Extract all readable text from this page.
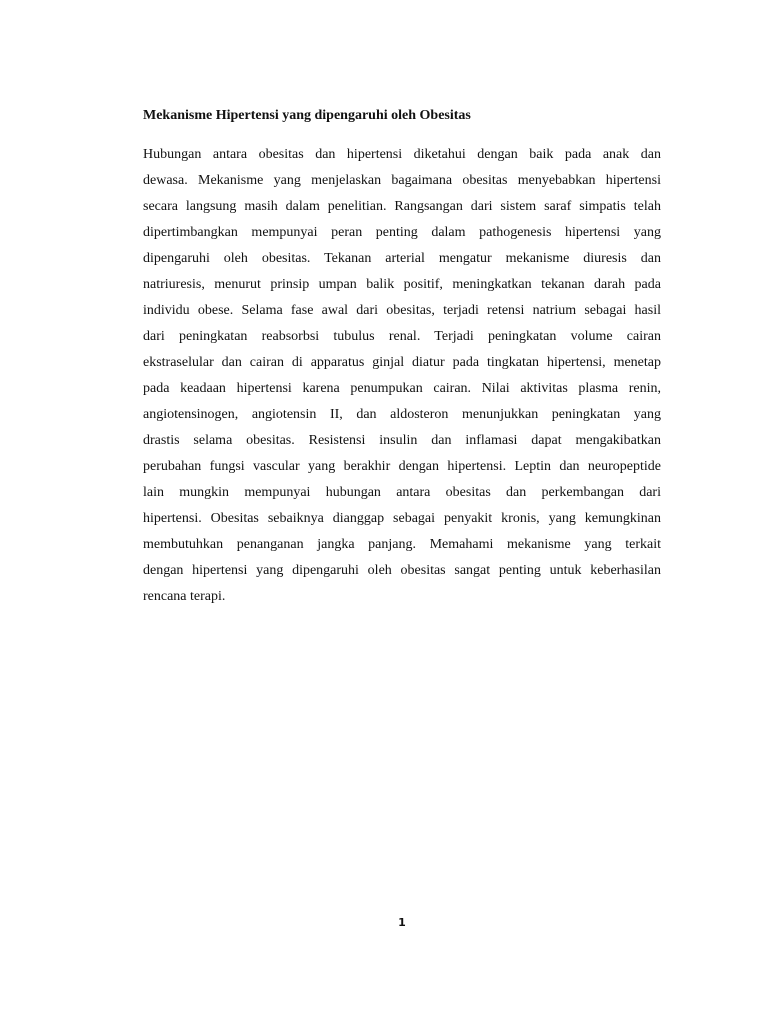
Mekanisme Hipertensi yang dipengaruhi oleh Obesitas
Hubungan antara obesitas dan hipertensi diketahui dengan baik pada anak dan
dewasa. Mekanisme yang menjelaskan bagaimana obesitas menyebabkan hipertensi
secara langsung masih dalam penelitian. Rangsangan dari sistem saraf simpatis telah
dipertimbangkan mempunyai peran penting dalam pathogenesis hipertensi yang
dipengaruhi oleh obesitas. Tekanan arterial mengatur mekanisme diuresis dan
natriuresis, menurut prinsip umpan balik positif, meningkatkan tekanan darah pada
individu obese. Selama fase awal dari obesitas, terjadi retensi natrium sebagai hasil
dari peningkatan reabsorbsi tubulus renal. Terjadi peningkatan volume cairan
ekstraselular dan cairan di apparatus ginjal diatur pada tingkatan hipertensi, menetap
pada keadaan hipertensi karena penumpukan cairan. Nilai aktivitas plasma renin,
angiotensinogen, angiotensin II, dan aldosteron menunjukkan peningkatan yang
drastis selama obesitas. Resistensi insulin dan inflamasi dapat mengakibatkan
perubahan fungsi vascular yang berakhir dengan hipertensi. Leptin dan neuropeptide
lain mungkin mempunyai hubungan antara obesitas dan perkembangan dari
hipertensi. Obesitas sebaiknya dianggap sebagai penyakit kronis, yang kemungkinan
membutuhkan penanganan jangka panjang. Memahami mekanisme yang terkait
dengan hipertensi yang dipengaruhi oleh obesitas sangat penting untuk keberhasilan
rencana terapi.
1
